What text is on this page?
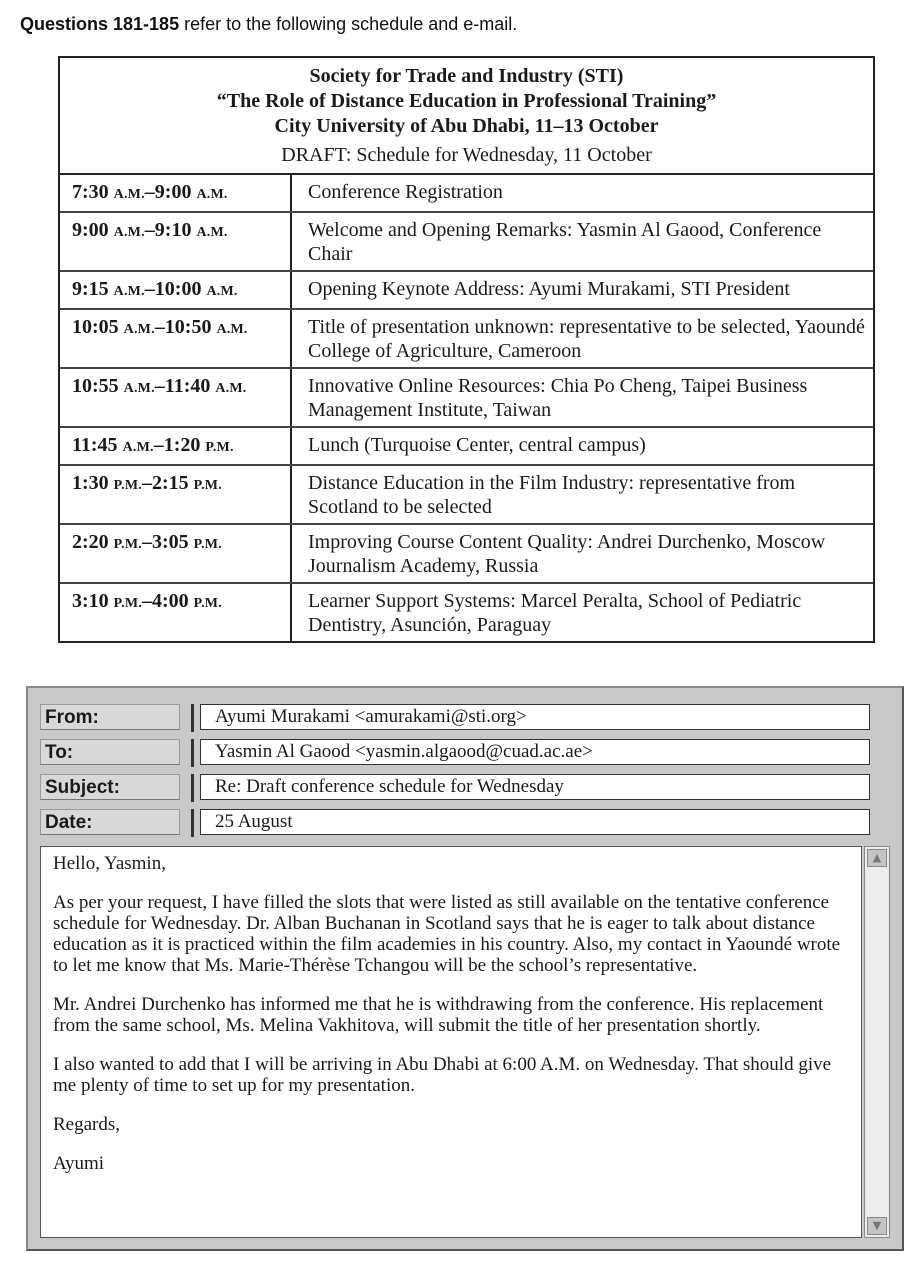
Questions 181-185 refer to the following schedule and e-mail.
Society for Trade and Industry (STI)
“The Role of Distance Education in Professional Training”
City University of Abu Dhabi, 11–13 October
DRAFT: Schedule for Wednesday, 11 October
7:30 A.M.–9:00 A.M.	Conference Registration
9:00 A.M.–9:10 A.M.	Welcome and Opening Remarks: Yasmin Al Gaood, Conference Chair
9:15 A.M.–10:00 A.M.	Opening Keynote Address: Ayumi Murakami, STI President
10:05 A.M.–10:50 A.M.	Title of presentation unknown: representative to be selected, Yaoundé College of Agriculture, Cameroon
10:55 A.M.–11:40 A.M.	Innovative Online Resources: Chia Po Cheng, Taipei Business Management Institute, Taiwan
11:45 A.M.–1:20 P.M.	Lunch (Turquoise Center, central campus)
1:30 P.M.–2:15 P.M.	Distance Education in the Film Industry: representative from Scotland to be selected
2:20 P.M.–3:05 P.M.	Improving Course Content Quality: Andrei Durchenko, Moscow Journalism Academy, Russia
3:10 P.M.–4:00 P.M.	Learner Support Systems: Marcel Peralta, School of Pediatric Dentistry, Asunción, Paraguay
From:	Ayumi Murakami <amurakami@sti.org>
To:	Yasmin Al Gaood <yasmin.algaood@cuad.ac.ae>
Subject:	Re: Draft conference schedule for Wednesday
Date:	25 August

Hello, Yasmin,

As per your request, I have filled the slots that were listed as still available on the tentative conference schedule for Wednesday. Dr. Alban Buchanan in Scotland says that he is eager to talk about distance education as it is practiced within the film academies in his country. Also, my contact in Yaoundé wrote to let me know that Ms. Marie-Thérèse Tchangou will be the school’s representative.

Mr. Andrei Durchenko has informed me that he is withdrawing from the conference. His replacement from the same school, Ms. Melina Vakhitova, will submit the title of her presentation shortly.

I also wanted to add that I will be arriving in Abu Dhabi at 6:00 A.M. on Wednesday. That should give me plenty of time to set up for my presentation.

Regards,

Ayumi

▲
▼
